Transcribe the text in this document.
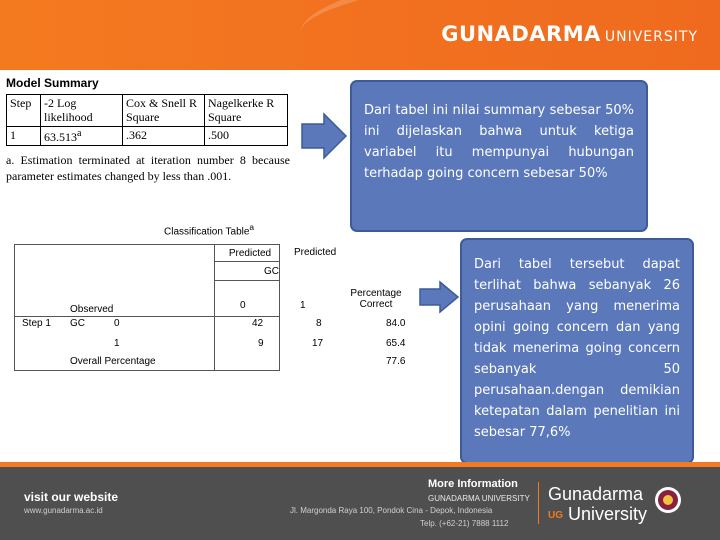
GUNADARMA UNIVERSITY
Model Summary
Step	-2 Log likelihood	Cox & Snell R Square	Nagelkerke R Square
1	63.513$^a$	.362	.500
a. Estimation terminated at iteration number 8 because parameter estimates changed by less than .001.
Classification Table$^a$
Predicted
Predicted
GC
0	1
Percentage
Correct
Observed
Step 1 GC	0	42	8	84.0
1	9	17	65.4
Overall Percentage	77.6
Dari tabel ini nilai summary sebesar 50% ini dijelaskan bahwa untuk ketiga variabel itu mempunyai hubungan terhadap going concern sebesar 50%
Dari tabel tersebut dapat terlihat bahwa sebanyak 26 perusahaan yang menerima opini going concern dan yang tidak menerima going concern sebanyak 50 perusahaan.dengan demikian ketepatan dalam penelitian ini sebesar 77,6%
visit our website
www.gunadarma.ac.id
More Information
GUNADARMA UNIVERSITY
Jl. Margonda Raya 100, Pondok Cina - Depok, Indonesia
Telp. (+62-21) 7888 1112
Gunadarma
UG University
